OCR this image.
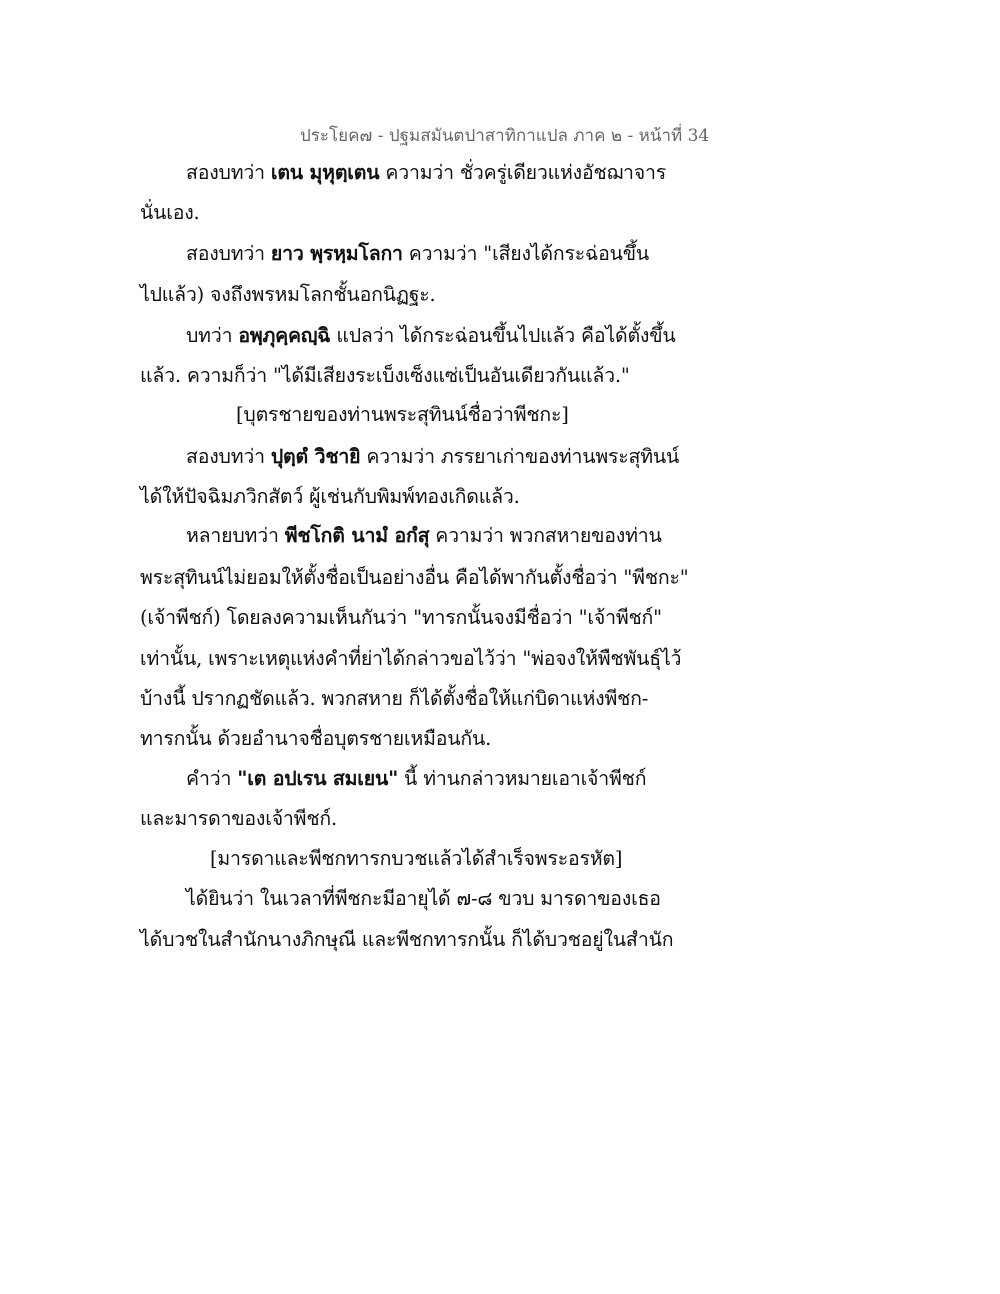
ประโยค๗ - ปฐมสมันตปาสาทิกาแปล ภาค ๒ - หน้าที่ 34
สองบทว่า เตน มุหุตฺเตน ความว่า ชั่วครู่เดียวแห่งอัชฌาจาร
นั่นเอง.
สองบทว่า ยาว พฺรหฺมโลกา ความว่า "เสียงได้กระฉ่อนขึ้น
ไปแล้ว) จงถึงพรหมโลกชั้นอกนิฏฐะ.
บทว่า อพฺภุคฺคญฺฉิ แปลว่า ได้กระฉ่อนขึ้นไปแล้ว คือได้ตั้งขึ้น
แล้ว. ความก็ว่า "ได้มีเสียงระเบ็งเซ็งแซ่เป็นอันเดียวกันแล้ว."
[บุตรชายของท่านพระสุทินน์ชื่อว่าพีชกะ]
สองบทว่า ปุตฺตํ วิชายิ ความว่า ภรรยาเก่าของท่านพระสุทินน์
ได้ให้ปัจฉิมภวิกสัตว์ ผู้เช่นกับพิมพ์ทองเกิดแล้ว.
หลายบทว่า พีชโกติ นามํ อกํสุ ความว่า พวกสหายของท่าน
พระสุทินน์ไม่ยอมให้ตั้งชื่อเป็นอย่างอื่น คือได้พากันตั้งชื่อว่า "พีชกะ"
(เจ้าพีชก์) โดยลงความเห็นกันว่า "ทารกนั้นจงมีชื่อว่า "เจ้าพีชก์"
เท่านั้น, เพราะเหตุแห่งคำที่ย่าได้กล่าวขอไว้ว่า "พ่อจงให้พืชพันธุ์ไว้
บ้างนี้ ปรากฏชัดแล้ว. พวกสหาย ก็ได้ตั้งชื่อให้แก่บิดาแห่งพีชก-
ทารกนั้น ด้วยอำนาจชื่อบุตรชายเหมือนกัน.
คำว่า "เต อปเรน สมเยน" นี้ ท่านกล่าวหมายเอาเจ้าพีชก์
และมารดาของเจ้าพีชก์.
[มารดาและพีชกทารกบวชแล้วได้สำเร็จพระอรหัต]
ได้ยินว่า ในเวลาที่พีชกะมีอายุได้ ๗-๘ ขวบ มารดาของเธอ
ได้บวชในสำนักนางภิกษุณี และพีชกทารกนั้น ก็ได้บวชอยู่ในสำนัก
